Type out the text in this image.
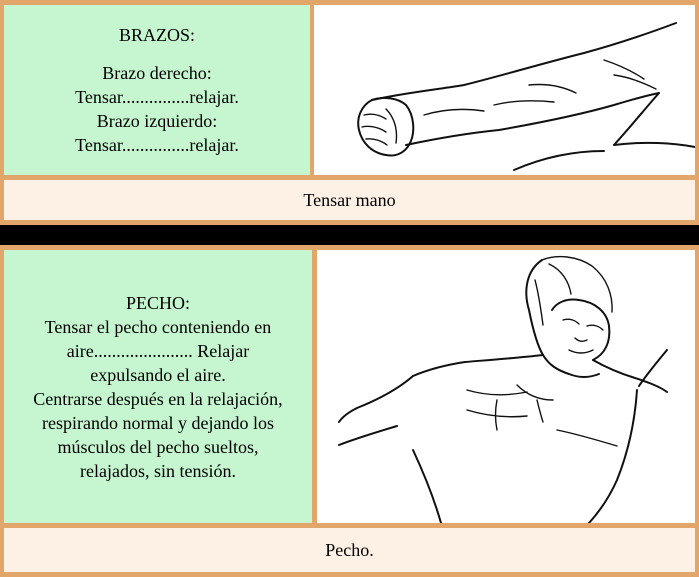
BRAZOS:
Brazo derecho:
Tensar...............relajar.
Brazo izquierdo:
Tensar...............relajar.
Tensar mano
PECHO:
Tensar el pecho conteniendo en
aire...................... Relajar
expulsando el aire.
Centrarse después en la relajación,
respirando normal y dejando los
músculos del pecho sueltos,
relajados, sin tensión.
Pecho.
